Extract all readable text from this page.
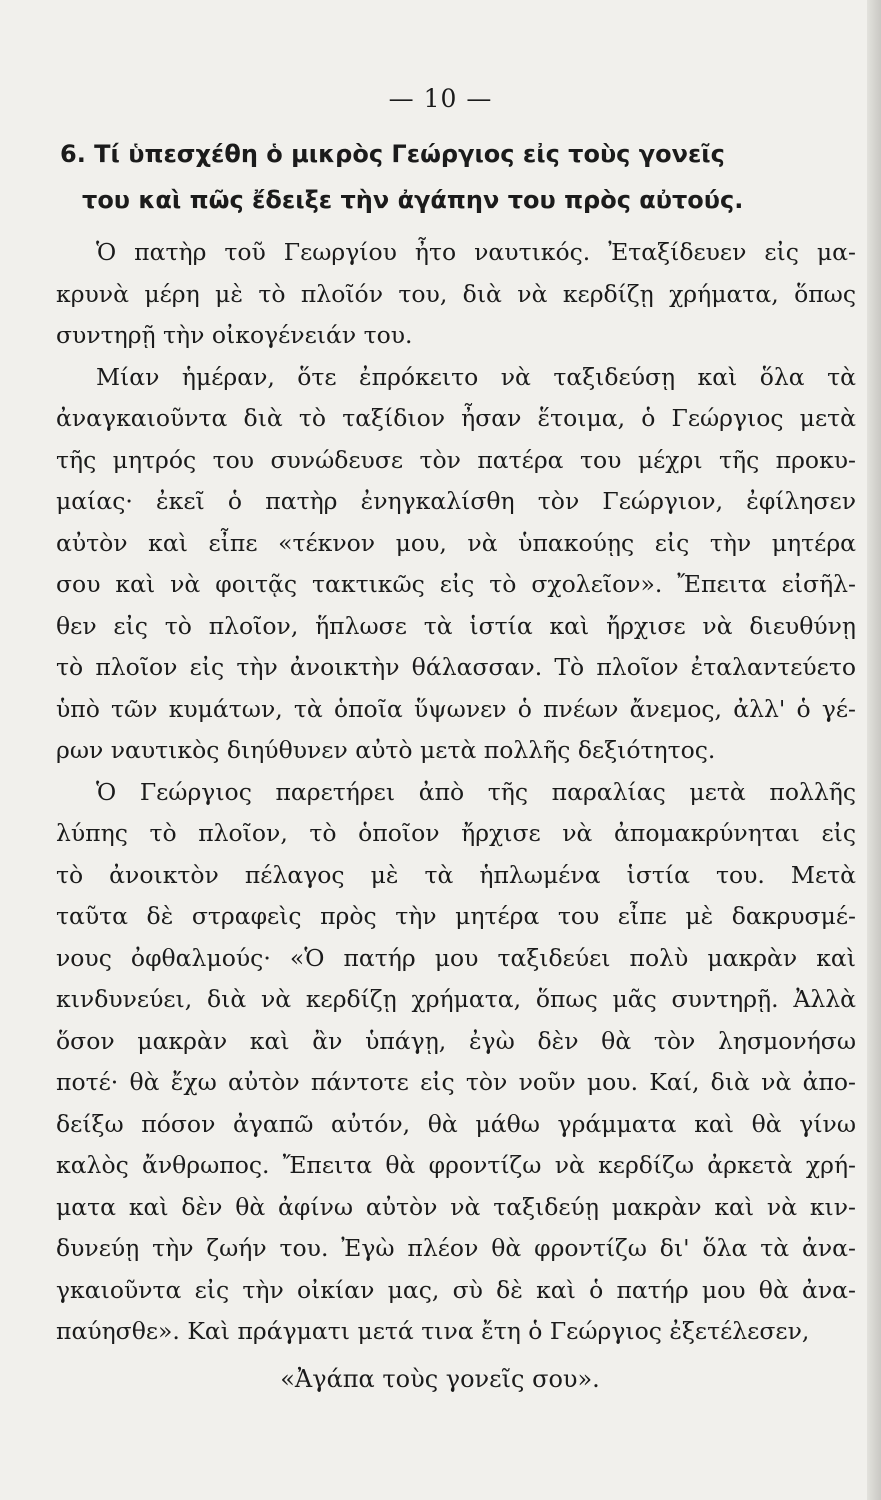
— 10 —
6. Τί ὑπεσχέθη ὁ μικρὸς Γεώργιος εἰς τοὺς γονεῖς
του καὶ πῶς ἔδειξε τὴν ἀγάπην του πρὸς αὐτούς.
Ὁ πατὴρ τοῦ Γεωργίου ἦτο ναυτικός. Ἐταξίδευεν εἰς μα-
κρυνὰ μέρη μὲ τὸ πλοῖόν του, διὰ νὰ κερδίζῃ χρήματα, ὅπως
συντηρῇ τὴν οἰκογένειάν του.
Μίαν ἡμέραν, ὅτε ἐπρόκειτο νὰ ταξιδεύσῃ καὶ ὅλα τὰ
ἀναγκαιοῦντα διὰ τὸ ταξίδιον ἦσαν ἕτοιμα, ὁ Γεώργιος μετὰ
τῆς μητρός του συνώδευσε τὸν πατέρα του μέχρι τῆς προκυ-
μαίας· ἐκεῖ ὁ πατὴρ ἐνηγκαλίσθη τὸν Γεώργιον, ἐφίλησεν
αὐτὸν καὶ εἶπε «τέκνον μου, νὰ ὑπακούῃς εἰς τὴν μητέρα
σου καὶ νὰ φοιτᾷς τακτικῶς εἰς τὸ σχολεῖον». Ἔπειτα εἰσῆλ-
θεν εἰς τὸ πλοῖον, ἥπλωσε τὰ ἱστία καὶ ἤρχισε νὰ διευθύνῃ
τὸ πλοῖον εἰς τὴν ἀνοικτὴν θάλασσαν. Τὸ πλοῖον ἐταλαντεύετο
ὑπὸ τῶν κυμάτων, τὰ ὁποῖα ὕψωνεν ὁ πνέων ἄνεμος, ἀλλ' ὁ γέ-
ρων ναυτικὸς διηύθυνεν αὐτὸ μετὰ πολλῆς δεξιότητος.
Ὁ Γεώργιος παρετήρει ἀπὸ τῆς παραλίας μετὰ πολλῆς
λύπης τὸ πλοῖον, τὸ ὁποῖον ἤρχισε νὰ ἀπομακρύνηται εἰς
τὸ ἀνοικτὸν πέλαγος μὲ τὰ ἡπλωμένα ἱστία του. Μετὰ
ταῦτα δὲ στραφεὶς πρὸς τὴν μητέρα του εἶπε μὲ δακρυσμέ-
νους ὀφθαλμούς· «Ὁ πατήρ μου ταξιδεύει πολὺ μακρὰν καὶ
κινδυνεύει, διὰ νὰ κερδίζῃ χρήματα, ὅπως μᾶς συντηρῇ. Ἀλλὰ
ὅσον μακρὰν καὶ ἂν ὑπάγῃ, ἐγὼ δὲν θὰ τὸν λησμονήσω
ποτέ· θὰ ἔχω αὐτὸν πάντοτε εἰς τὸν νοῦν μου. Καί, διὰ νὰ ἀπο-
δείξω πόσον ἀγαπῶ αὐτόν, θὰ μάθω γράμματα καὶ θὰ γίνω
καλὸς ἄνθρωπος. Ἔπειτα θὰ φροντίζω νὰ κερδίζω ἀρκετὰ χρή-
ματα καὶ δὲν θὰ ἀφίνω αὐτὸν νὰ ταξιδεύῃ μακρὰν καὶ νὰ κιν-
δυνεύῃ τὴν ζωήν του. Ἐγὼ πλέον θὰ φροντίζω δι' ὅλα τὰ ἀνα-
γκαιοῦντα εἰς τὴν οἰκίαν μας, σὺ δὲ καὶ ὁ πατήρ μου θὰ ἀνα-
παύησθε». Καὶ πράγματι μετά τινα ἔτη ὁ Γεώργιος ἐξετέλεσεν,
«Ἀγάπα τοὺς γονεῖς σου».
